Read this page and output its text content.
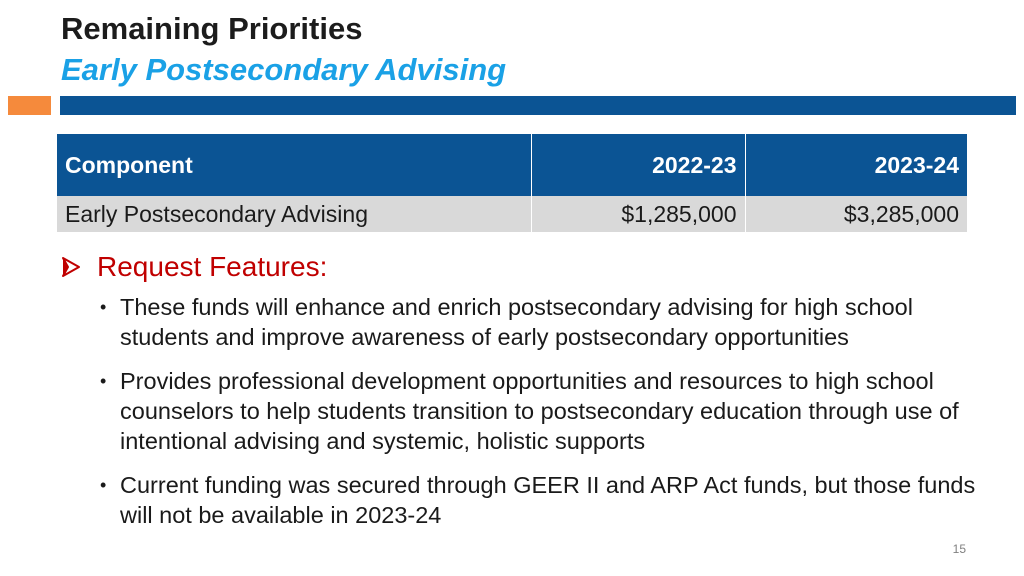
Remaining Priorities
Early Postsecondary Advising
Component	2022-23	2023-24
Early Postsecondary Advising	$1,285,000	$3,285,000
Request Features:
• These funds will enhance and enrich postsecondary advising for high school students and improve awareness of early postsecondary opportunities
• Provides professional development opportunities and resources to high school counselors to help students transition to postsecondary education through use of intentional advising and systemic, holistic supports
• Current funding was secured through GEER II and ARP Act funds, but those funds will not be available in 2023-24
15
